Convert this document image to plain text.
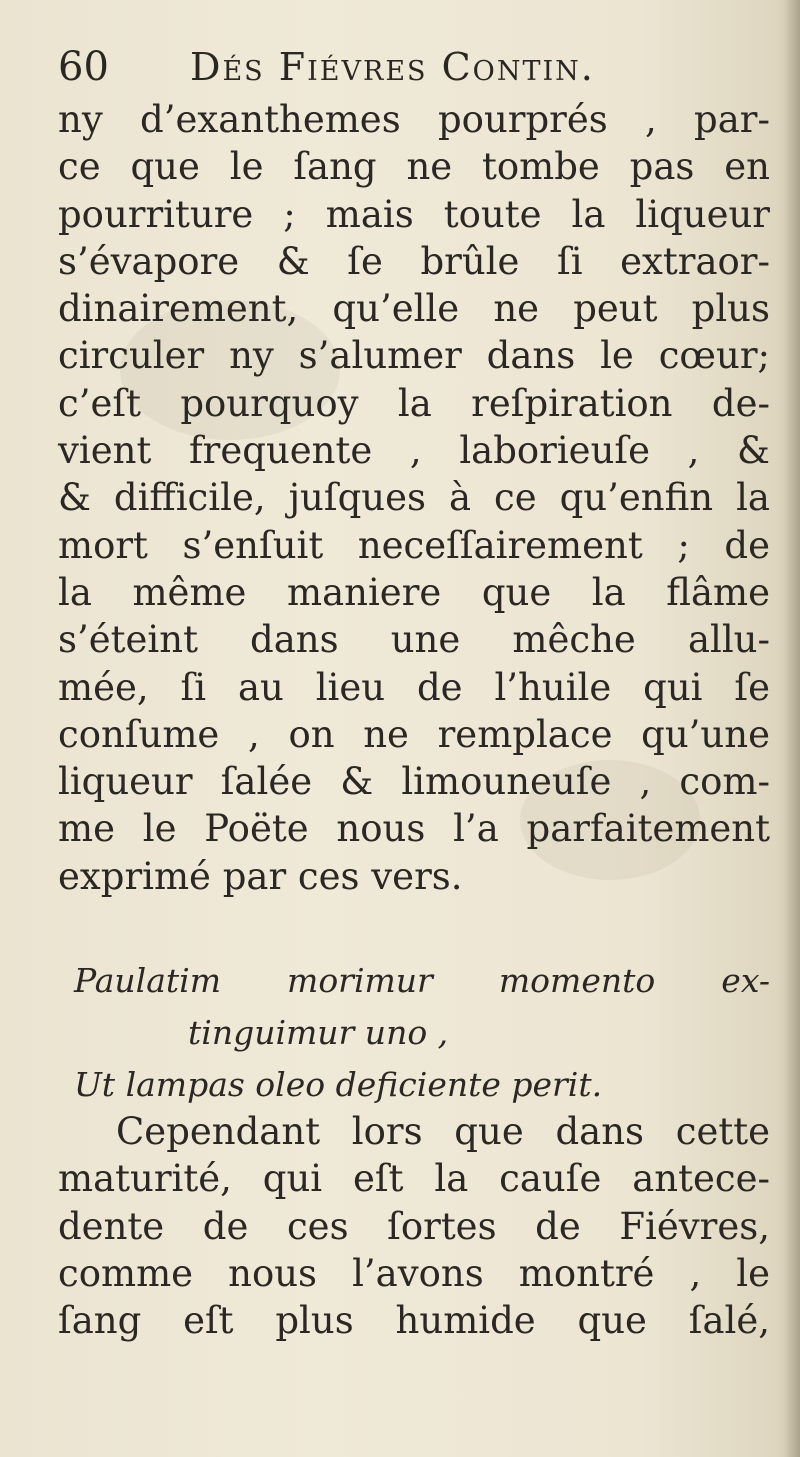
60 Dés Fiévres Contin.
ny d’exanthemes pourprés , par-
ce que le ſang ne tombe pas en
pourriture ; mais toute la liqueur
s’évapore & ſe brûle ſi extraor-
dinairement, qu’elle ne peut plus
circuler ny s’alumer dans le cœur;
c’eſt pourquoy la reſpiration de-
vient frequente , laborieuſe , &
& difficile, juſques à ce qu’enfin la
mort s’enſuit neceſſairement ; de
la même maniere que la flâme
s’éteint dans une mêche allu-
mée, ſi au lieu de l’huile qui ſe
conſume , on ne remplace qu’une
liqueur ſalée & limouneuſe , com-
me le Poëte nous l’a parfaitement
exprimé par ces vers.
Paulatim morimur momento ex-
tinguimur uno ,
Ut lampas oleo deficiente perit.
Cependant lors que dans cette
maturité, qui eſt la cauſe antece-
dente de ces ſortes de Fiévres,
comme nous l’avons montré , le
ſang eſt plus humide que ſalé,
